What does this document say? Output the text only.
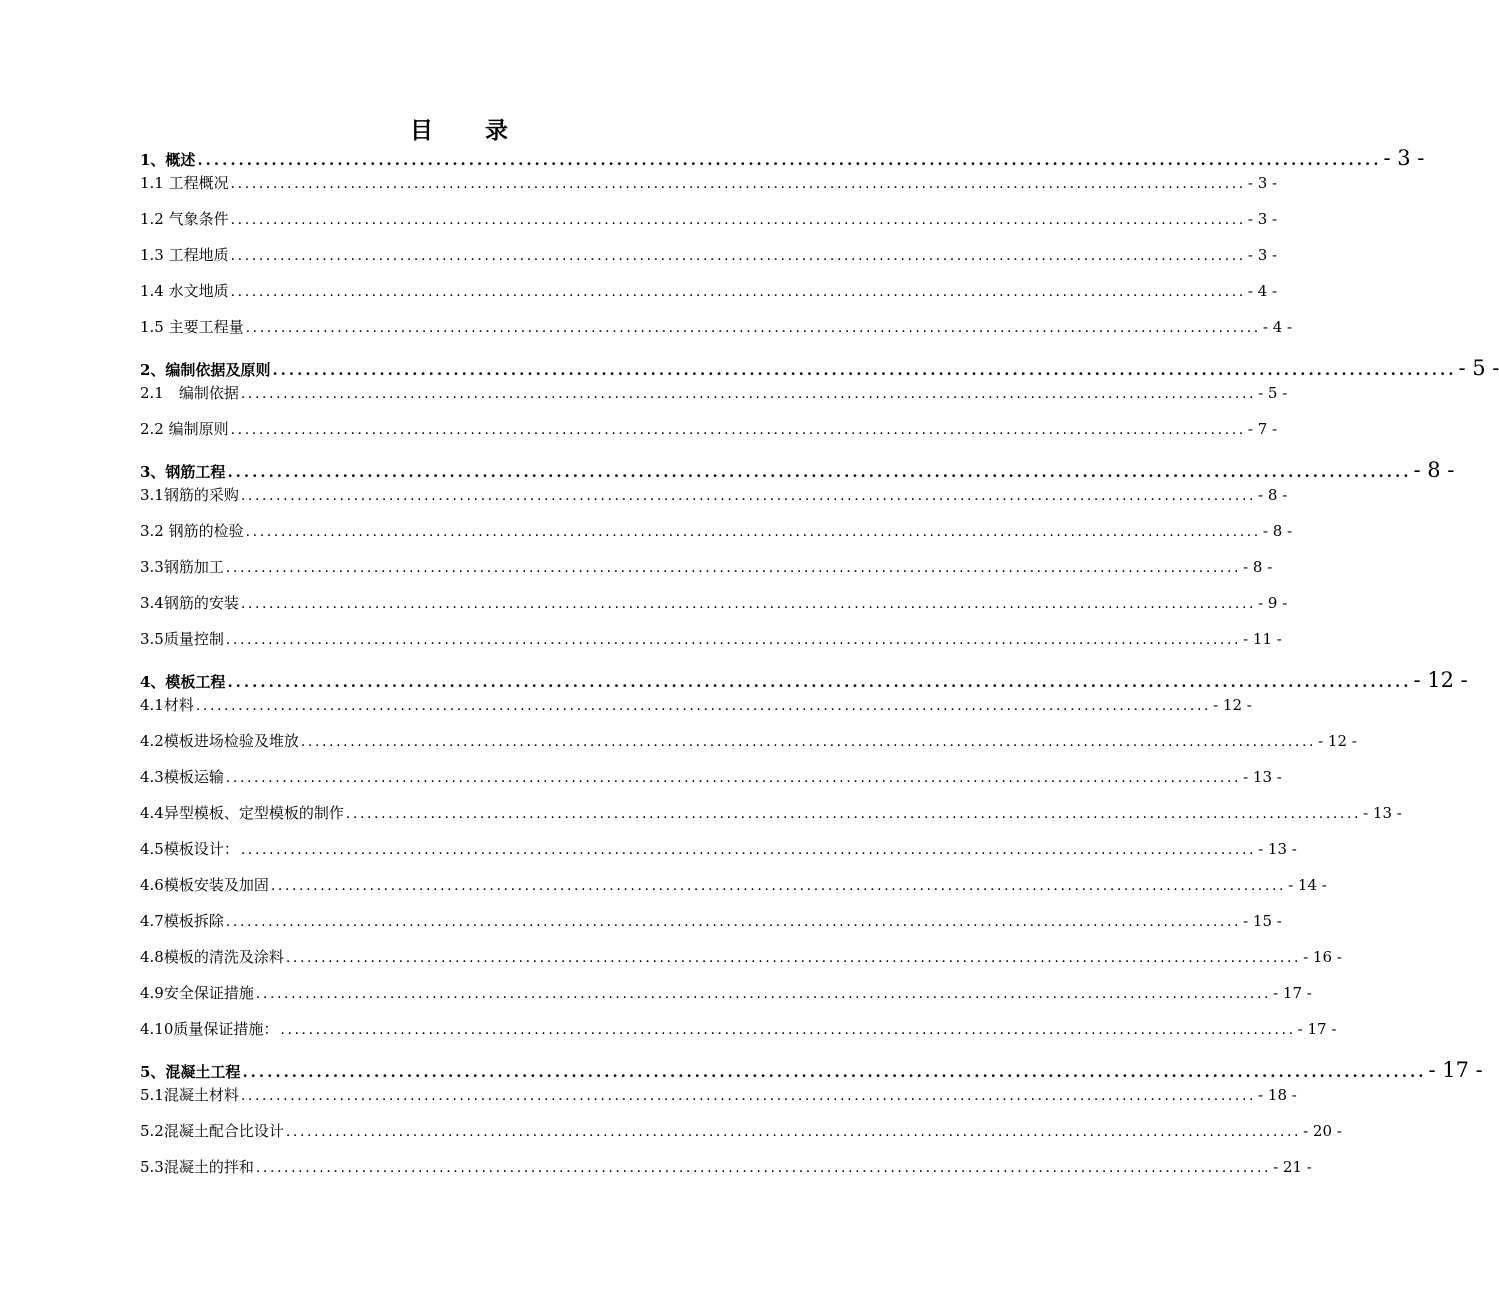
目　　录
1、概述 ................................................................................................................................................ - 3 -
1.1 工程概况 ................................................................................................................................................ - 3 -
1.2 气象条件 ................................................................................................................................................ - 3 -
1.3 工程地质 ................................................................................................................................................ - 3 -
1.4 水文地质 ................................................................................................................................................ - 4 -
1.5 主要工程量 ................................................................................................................................................ - 4 -
2、编制依据及原则 ................................................................................................................................................ - 5 -
2.1　编制依据 ................................................................................................................................................ - 5 -
2.2 编制原则 ................................................................................................................................................ - 7 -
3、钢筋工程 ................................................................................................................................................ - 8 -
3.1钢筋的采购 ................................................................................................................................................ - 8 -
3.2 钢筋的检验 ................................................................................................................................................ - 8 -
3.3钢筋加工 ................................................................................................................................................ - 8 -
3.4钢筋的安装 ................................................................................................................................................ - 9 -
3.5质量控制 ................................................................................................................................................ - 11 -
4、模板工程 ................................................................................................................................................ - 12 -
4.1材料 ................................................................................................................................................ - 12 -
4.2模板进场检验及堆放 ................................................................................................................................................ - 12 -
4.3模板运输 ................................................................................................................................................ - 13 -
4.4异型模板、定型模板的制作 ................................................................................................................................................ - 13 -
4.5模板设计： ................................................................................................................................................ - 13 -
4.6模板安装及加固 ................................................................................................................................................ - 14 -
4.7模板拆除 ................................................................................................................................................ - 15 -
4.8模板的清洗及涂料 ................................................................................................................................................ - 16 -
4.9安全保证措施 ................................................................................................................................................ - 17 -
4.10质量保证措施： ................................................................................................................................................ - 17 -
5、混凝土工程 ................................................................................................................................................ - 17 -
5.1混凝土材料 ................................................................................................................................................ - 18 -
5.2混凝土配合比设计 ................................................................................................................................................ - 20 -
5.3混凝土的拌和 ................................................................................................................................................ - 21 -
